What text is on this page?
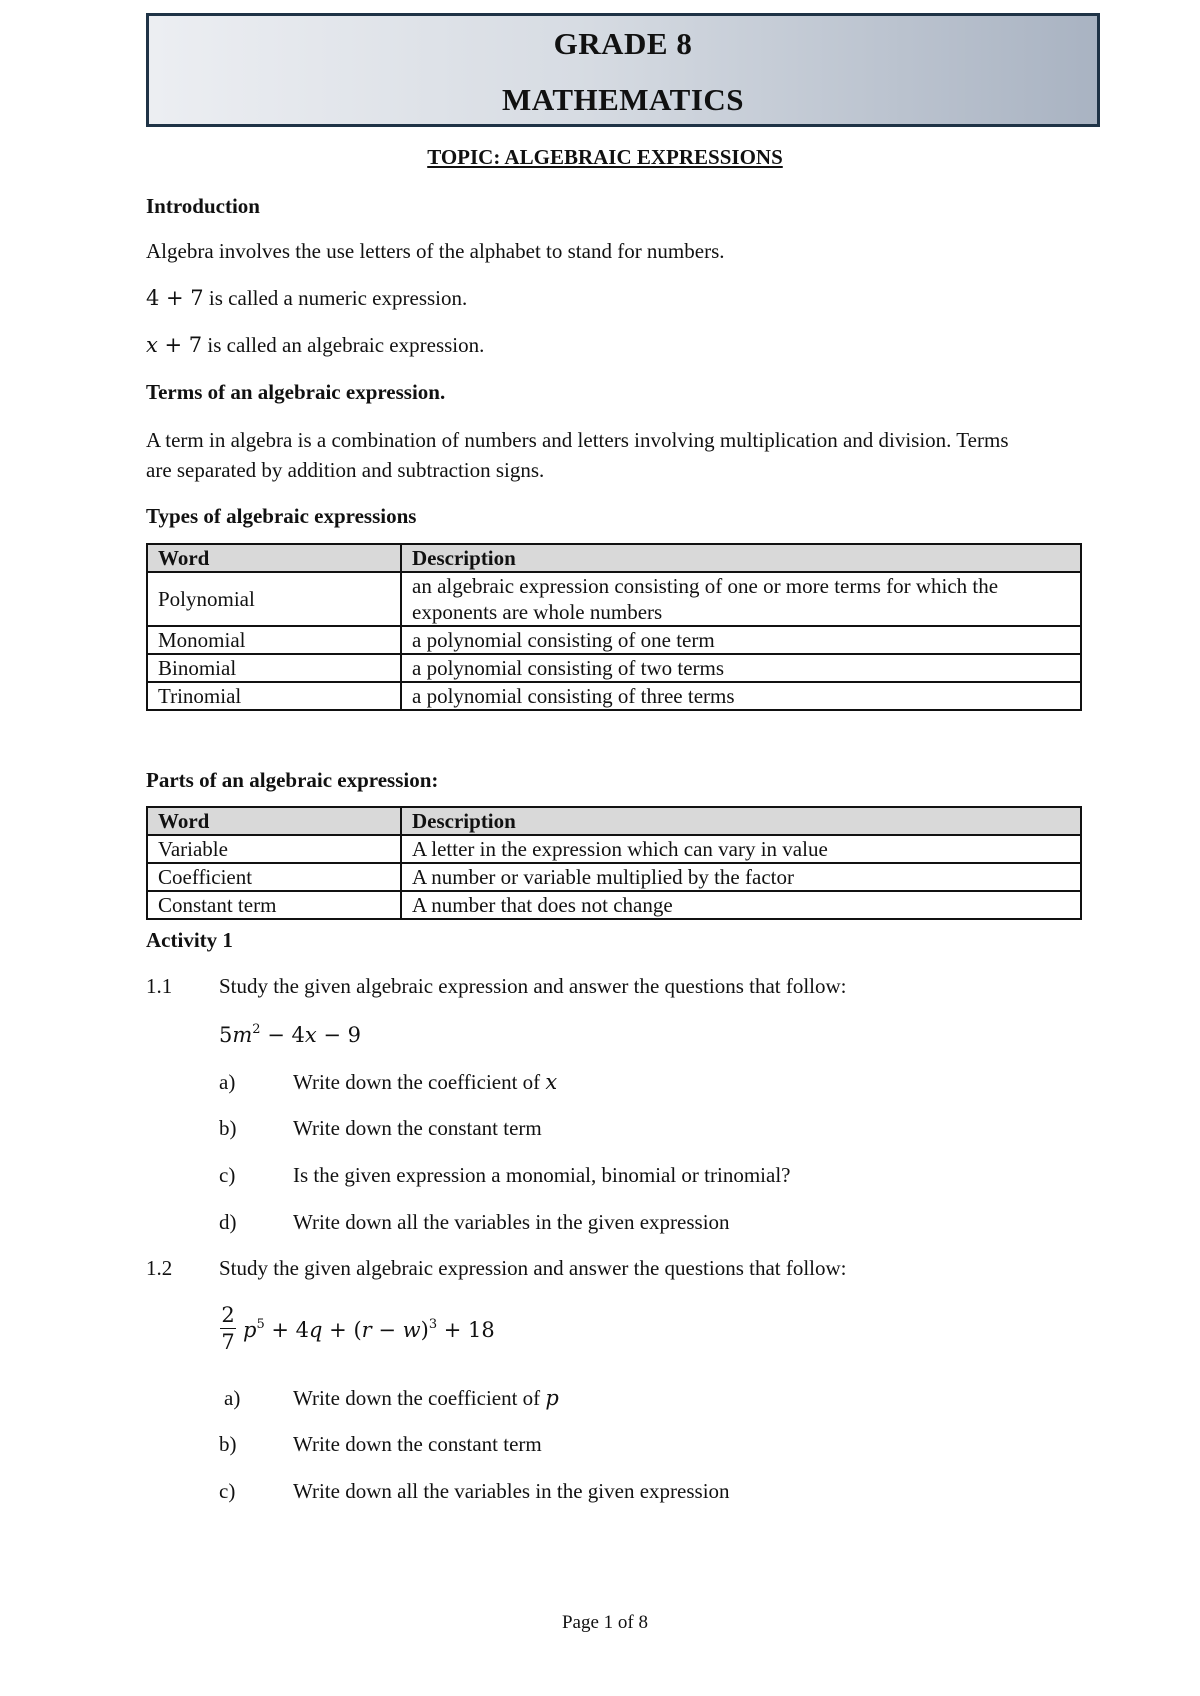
GRADE 8
MATHEMATICS
TOPIC: ALGEBRAIC EXPRESSIONS
Introduction
Algebra involves the use letters of the alphabet to stand for numbers.
4 + 7 is called a numeric expression.
x + 7 is called an algebraic expression.
Terms of an algebraic expression.
A term in algebra is a combination of numbers and letters involving multiplication and division. Terms are separated by addition and subtraction signs.
Types of algebraic expressions
Word	Description
Polynomial	an algebraic expression consisting of one or more terms for which the exponents are whole numbers
Monomial	a polynomial consisting of one term
Binomial	a polynomial consisting of two terms
Trinomial	a polynomial consisting of three terms
Parts of an algebraic expression:
Word	Description
Variable	A letter in the expression which can vary in value
Coefficient	A number or variable multiplied by the factor
Constant term	A number that does not change
Activity 1
1.1 Study the given algebraic expression and answer the questions that follow:
$5m^2 - 4x - 9$
a)	Write down the coefficient of x
b)	Write down the constant term
c)	Is the given expression a monomial, binomial or trinomial?
d)	Write down all the variables in the given expression
1.2 Study the given algebraic expression and answer the questions that follow:
2
7 $p^5 + 4q + (r - w)^3 + 18$
a)	Write down the coefficient of p
b)	Write down the constant term
c)	Write down all the variables in the given expression
Page 1 of 8
